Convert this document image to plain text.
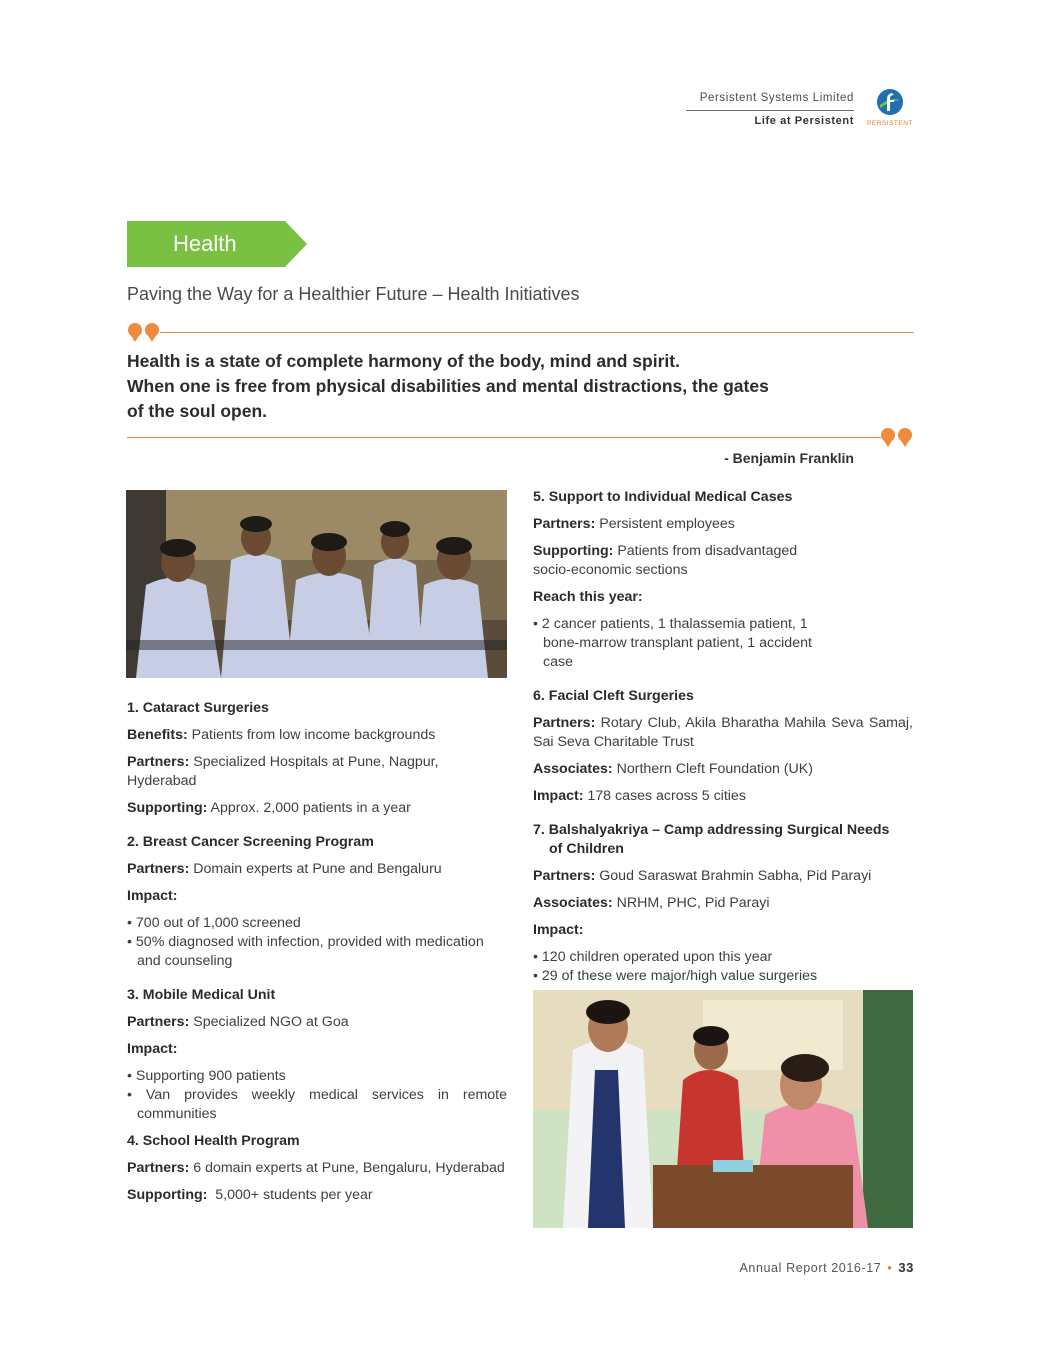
Persistent Systems Limited
Life at Persistent	PERSISTENT
Health
Paving the Way for a Healthier Future – Health Initiatives
Health is a state of complete harmony of the body, mind and spirit.
When one is free from physical disabilities and mental distractions, the gates
of the soul open.
- Benjamin Franklin
1. Cataract Surgeries
Benefits: Patients from low income backgrounds
Partners: Specialized Hospitals at Pune, Nagpur, Hyderabad
Supporting: Approx. 2,000 patients in a year
2. Breast Cancer Screening Program
Partners: Domain experts at Pune and Bengaluru
Impact:
• 700 out of 1,000 screened
• 50% diagnosed with infection, provided with medication and counseling
3. Mobile Medical Unit
Partners: Specialized NGO at Goa
Impact:
• Supporting 900 patients
• Van provides weekly medical services in remote communities
4. School Health Program
Partners: 6 domain experts at Pune, Bengaluru, Hyderabad
Supporting: 5,000+ students per year
5. Support to Individual Medical Cases
Partners: Persistent employees
Supporting: Patients from disadvantaged socio-economic sections
Reach this year:
• 2 cancer patients, 1 thalassemia patient, 1 bone-marrow transplant patient, 1 accident case
6. Facial Cleft Surgeries
Partners: Rotary Club, Akila Bharatha Mahila Seva Samaj, Sai Seva Charitable Trust
Associates: Northern Cleft Foundation (UK)
Impact: 178 cases across 5 cities
7. Balshalyakriya – Camp addressing Surgical Needs of Children
Partners: Goud Saraswat Brahmin Sabha, Pid Parayi
Associates: NRHM, PHC, Pid Parayi
Impact:
• 120 children operated upon this year
• 29 of these were major/high value surgeries
Annual Report 2016-17 • 33
